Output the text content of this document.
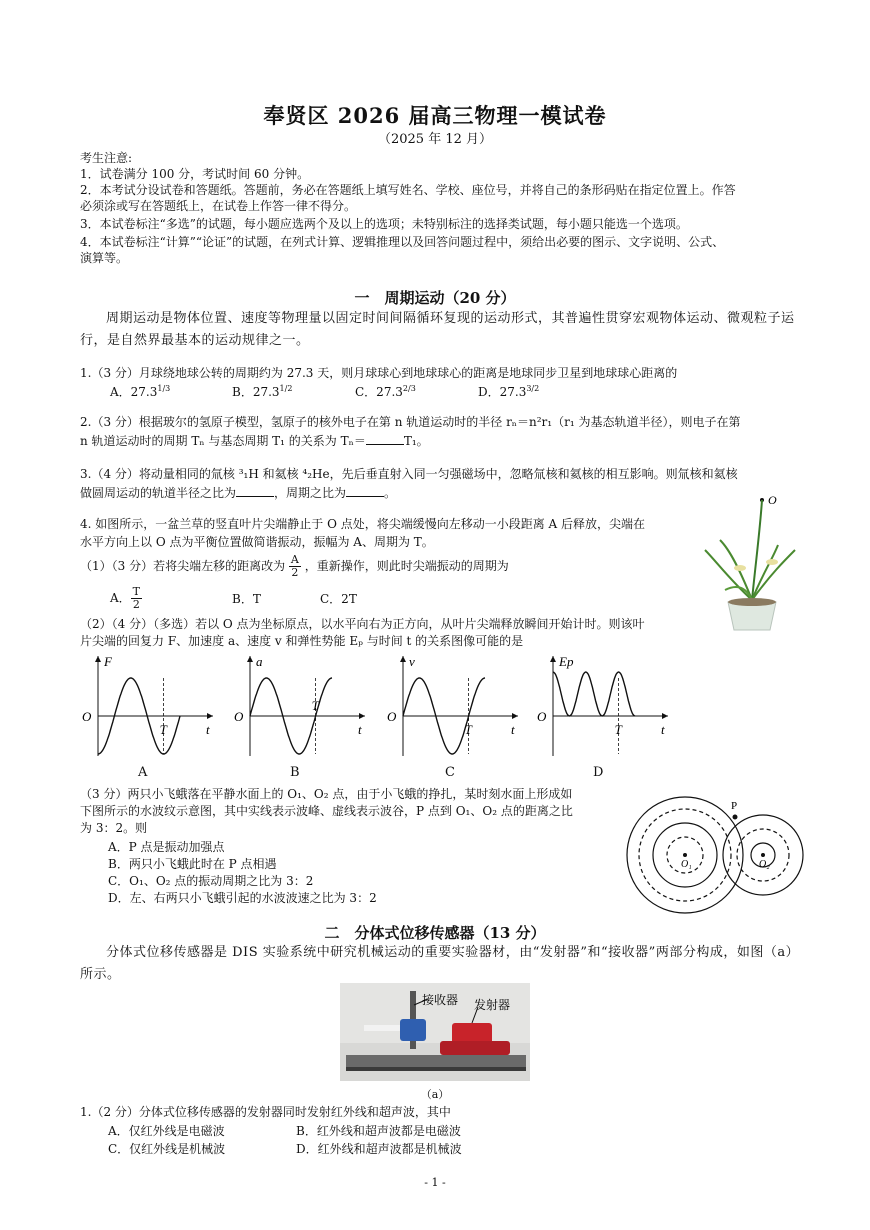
奉贤区 2026 届高三物理一模试卷
（2025 年 12 月）
考生注意:
1．试卷满分 100 分，考试时间 60 分钟。
2．本考试分设试卷和答题纸。答题前，务必在答题纸上填写姓名、学校、座位号，并将自己的条形码贴在指定位置上。作答
必须涂或写在答题纸上，在试卷上作答一律不得分。
3．本试卷标注“多选”的试题，每小题应选两个及以上的选项；未特别标注的选择类试题，每小题只能选一个选项。
4．本试卷标注“计算”“论证”的试题，在列式计算、逻辑推理以及回答问题过程中，须给出必要的图示、文字说明、公式、
演算等。
一　周期运动（20 分）
周期运动是物体位置、速度等物理量以固定时间间隔循环复现的运动形式，其普遍性贯穿宏观物体运动、微观粒子运行，是自然界最基本的运动规律之一。
1.（3 分）月球绕地球公转的周期约为 27.3 天，则月球球心到地球球心的距离是地球同步卫星到地球球心距离的
A．$27.3^{1/3}$	B．$27.3^{1/2}$	C．$27.3^{2/3}$	D．$27.3^{3/2}$
2.（3 分）根据玻尔的氢原子模型，氢原子的核外电子在第 n 轨道运动时的半径 rₙ＝n²r₁（r₁ 为基态轨道半径），则电子在第
n 轨道运动时的周期 Tₙ 与基态周期 T₁ 的关系为 Tₙ＝	T₁。
3.（4 分）将动量相同的氚核 ³₁H 和氦核 ⁴₂He，先后垂直射入同一匀强磁场中，忽略氚核和氦核的相互影响。则氚核和氦核
做圆周运动的轨道半径之比为	，周期之比为	。
4. 如图所示，一盆兰草的竖直叶片尖端静止于 O 点处，将尖端缓慢向左移动一小段距离 A 后释放，尖端在
水平方向上以 O 点为平衡位置做简谐振动，振幅为 A、周期为 T。
（1）（3 分）若将尖端左移的距离改为 $\frac{A}{2}$ ，重新操作，则此时尖端振动的周期为
A． $\frac{T}{2}$	B．T	C．2T
（2）（4 分）（多选）若以 O 点为坐标原点，以水平向右为正方向，从叶片尖端释放瞬间开始计时。则该叶
片尖端的回复力 F、加速度 a、速度 v 和弹性势能 Eₚ 与时间 t 的关系图像可能的是
O
F
O
t
T
a
O
t
T
v
O
t
T
Ep
O
t
T
A	B	C	D
（3 分）两只小飞蛾落在平静水面上的 O₁、O₂ 点，由于小飞蛾的挣扎，某时刻水面上形成如
下图所示的水波纹示意图，其中实线表示波峰、虚线表示波谷，P 点到 O₁、O₂ 点的距离之比
为 3：2。则
A．P 点是振动加强点
B．两只小飞蛾此时在 P 点相遇
C．O₁、O₂ 点的振动周期之比为 3：2
D．左、右两只小飞蛾引起的水波波速之比为 3：2
P
O₁	O₂
二　分体式位移传感器（13 分）
分体式位移传感器是 DIS 实验系统中研究机械运动的重要实验器材，由“发射器”和“接收器”两部分构成，如图（a）所示。
接收器 发射器
（a）
1.（2 分）分体式位移传感器的发射器同时发射红外线和超声波，其中
A．仅红外线是电磁波	B．红外线和超声波都是电磁波
C．仅红外线是机械波	D．红外线和超声波都是机械波
- 1 -
